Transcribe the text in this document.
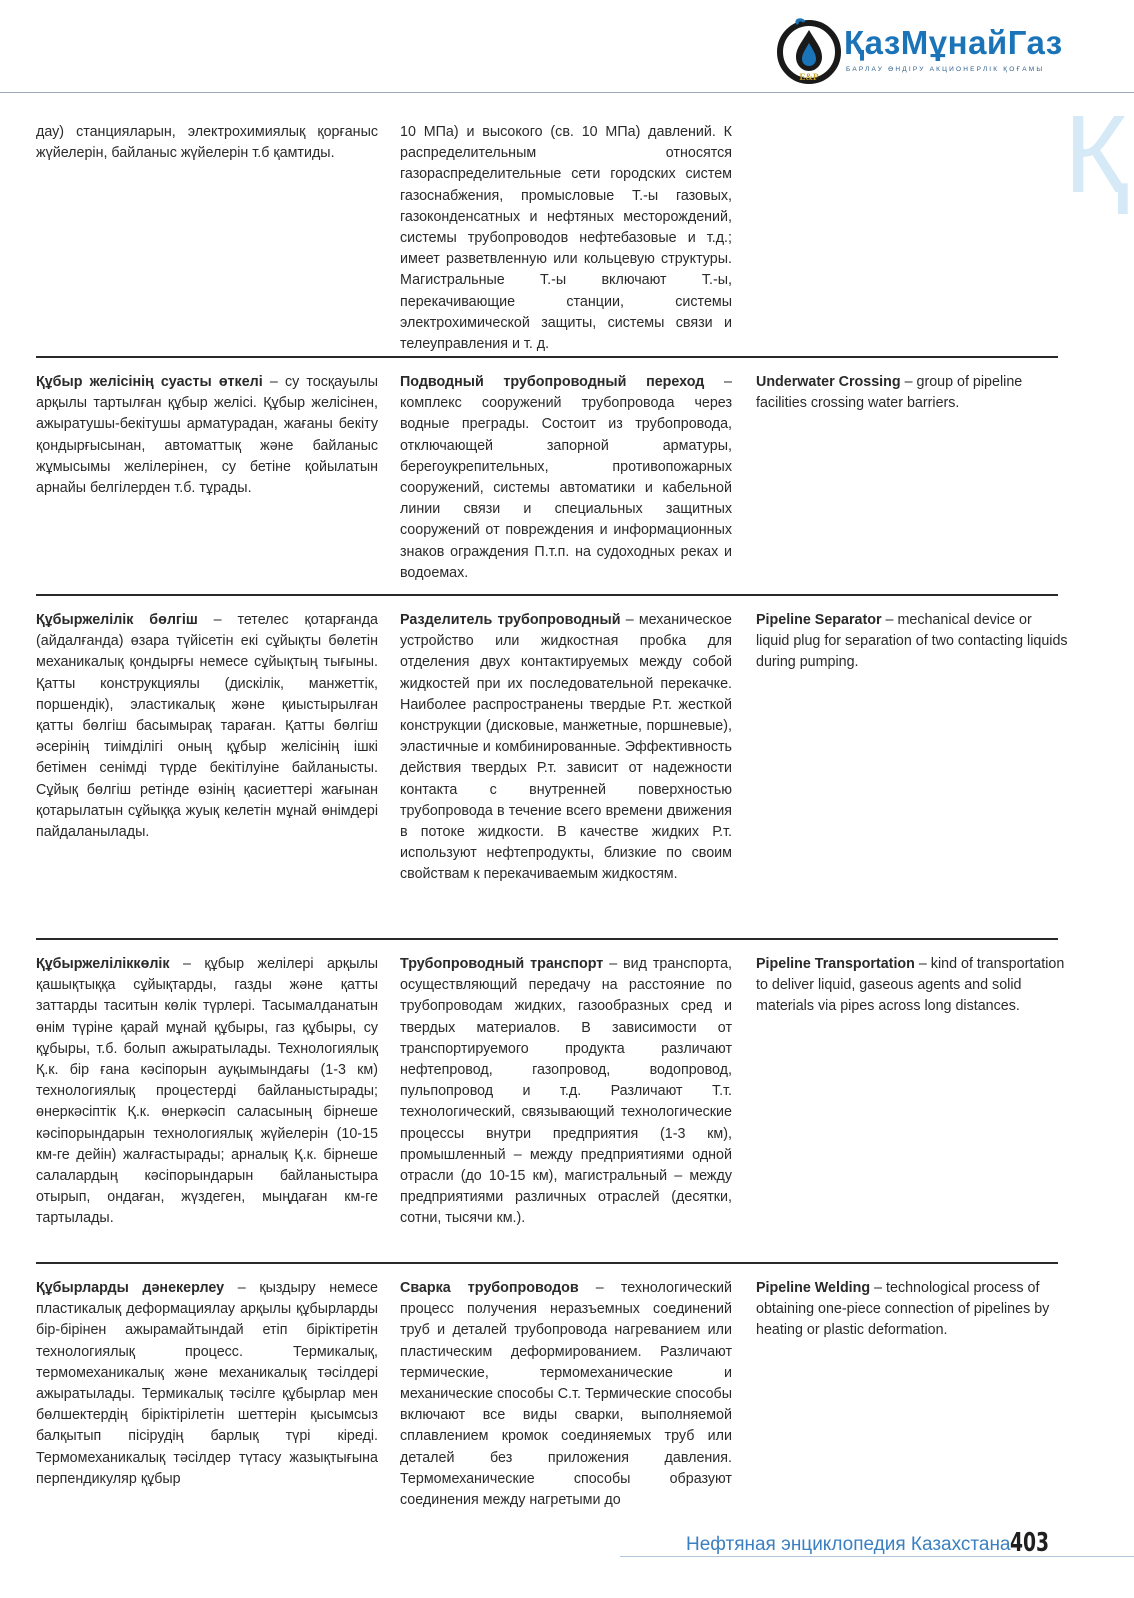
E&P
ҚазМұнайГаз
БАРЛАУ ӨНДІРУ АКЦИОНЕРЛІК ҚОҒАМЫ
Қ
дау) станцияларын, электрохимиялық қорғаныс жүйелерін, байланыс жүйелерін т.б қамтиды.
10 МПа) и высокого (св. 10 МПа) давлений. К распределительным относятся газораспределительные сети городских систем газоснабжения, промысловые Т.-ы газовых, газоконденсатных и нефтяных месторождений, системы трубопроводов нефтебазовые и т.д.; имеет разветвленную или кольцевую структуры. Магистральные Т.-ы включают Т.-ы, перекачивающие станции, системы электрохимической защиты, системы связи и телеуправления и т. д.
Құбыр желісінің суасты өткелі – су тосқауылы арқылы тартылған құбыр желісі. Құбыр желісінен, ажыратушы-бекітушы арматурадан, жағаны бекіту қондырғысынан, автоматтық және байланыс жұмысымы желілерінен, су бетіне қойылатын арнайы белгілерден т.б. тұрады.
Подводный трубопроводный переход – комплекс сооружений трубопровода через водные преграды. Состоит из трубопровода, отключающей запорной арматуры, берегоукрепительных, противопожарных сооружений, системы автоматики и кабельной линии связи и специальных защитных сооружений от повреждения и информационных знаков ограждения П.т.п. на судоходных реках и водоемах.
Underwater Crossing – group of pipeline facilities crossing water barriers.
Құбыржелілік бөлгіш – тетелес қотарғанда (айдалғанда) өзара түйісетін екі сұйықты бөлетін механикалық қондырғы немесе сұйықтың тығыны. Қатты конструкциялы (дискілік, манжеттік, поршендік), эластикалық және қиыстырылған қатты бөлгіш басымырақ тараған. Қатты бөлгіш әсерінің тиімділігі оның құбыр желісінің ішкі бетімен сенімді түрде бекітілуіне байланысты. Сұйық бөлгіш ретінде өзінің қасиеттері жағынан қотарылатын сұйыққа жуық келетін мұнай өнімдері пайдаланылады.
Разделитель трубопроводный – механическое устройство или жидкостная пробка для отделения двух контактируемых между собой жидкостей при их последовательной перекачке. Наиболее распространены твердые Р.т. жесткой конструкции (дисковые, манжетные, поршневые), эластичные и комбинированные. Эффективность действия твердых Р.т. зависит от надежности контакта с внутренней поверхностью трубопровода в течение всего времени движения в потоке жидкости. В качестве жидких Р.т. используют нефтепродукты, близкие по своим свойствам к перекачиваемым жидкостям.
Pipeline Separator – mechanical device or liquid plug for separation of two contacting liquids during pumping.
Құбыржеліліккөлік – құбыр желілері арқылы қашықтыққа сұйықтарды, газды және қатты заттарды таситын көлік түрлері. Тасымалданатын өнім түріне қарай мұнай құбыры, газ құбыры, су құбыры, т.б. болып ажыратылады. Технологиялық Қ.к. бір ғана кәсіпорын ауқымындағы (1-3 км) технологиялық процестерді байланыстырады; өнеркәсіптік Қ.к. өнеркәсіп саласының бірнеше кәсіпорындарын технологиялық жүйелерін (10-15 км-ге дейін) жалғастырады; арналық Қ.к. бірнеше салалардың кәсіпорындарын байланыстыра отырып, ондаған, жүздеген, мыңдаған км-ге тартылады.
Трубопроводный транспорт – вид транспорта, осуществляющий передачу на расстояние по трубопроводам жидких, газообразных сред и твердых материалов. В зависимости от транспортируемого продукта различают нефтепровод, газопровод, водопровод, пульпопровод и т.д. Различают Т.т. технологический, связывающий технологические процессы внутри предприятия (1-3 км), промышленный – между предприятиями одной отрасли (до 10-15 км), магистральный – между предприятиями различных отраслей (десятки, сотни, тысячи км.).
Pipeline Transportation – kind of transportation to deliver liquid, gaseous agents and solid materials via pipes across long distances.
Құбырларды дәнекерлеу – қыздыру немесе пластикалық деформациялау арқылы құбырларды бір-бірінен ажырамайтындай етіп біріктіретін технологиялық процесс. Термикалық, термомеханикалық және механикалық тәсілдері ажыратылады. Термикалық тәсілге құбырлар мен бөлшектердің біріктірілетін шеттерін қысымсыз балқытып пісірудің барлық түрі кіреді. Термомеханикалық тәсілдер түтасу жазықтығына перпендикуляр құбыр
Сварка трубопроводов – технологический процесс получения неразъемных соединений труб и деталей трубопровода нагреванием или пластическим деформированием. Различают термические, термомеханические и механические способы С.т. Термические способы включают все виды сварки, выполняемой сплавлением кромок соединяемых труб или деталей без приложения давления. Термомеханические способы образуют соединения между нагретыми до
Pipeline Welding – technological process of obtaining one-piece connection of pipelines by heating or plastic deformation.
Нефтяная энциклопедия Казахстана 403
